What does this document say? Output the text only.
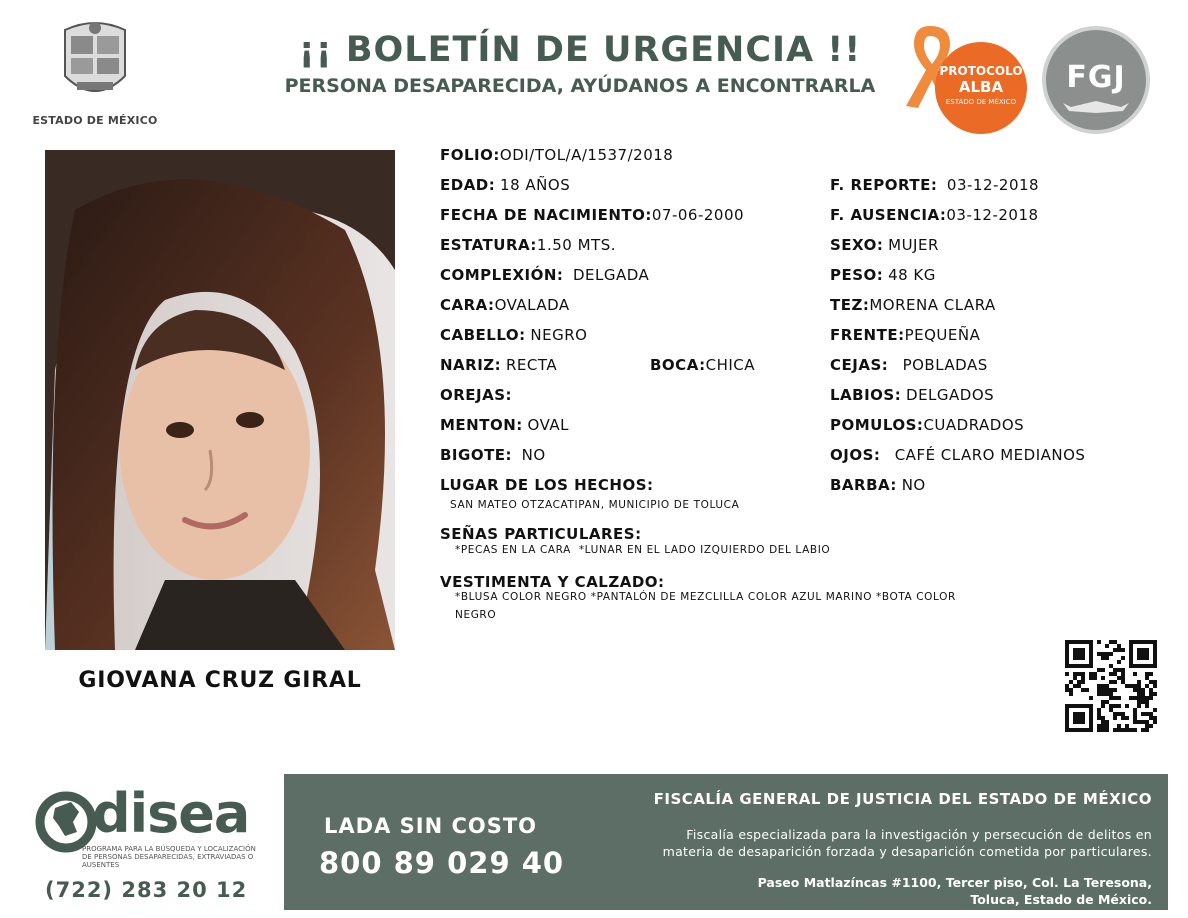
ESTADO DE MÉXICO
¡¡ BOLETÍN DE URGENCIA !!
PERSONA DESAPARECIDA, AYÚDANOS A ENCONTRARLA
PROTOCOLO
ALBA
ESTADO DE MÉXICO
FGJ
GIOVANA CRUZ GIRAL
FOLIO:ODI/TOL/A/1537/2018
EDAD: 18 AÑOS
FECHA DE NACIMIENTO:07-06-2000
ESTATURA:1.50 MTS.
COMPLEXIÓN: DELGADA
CARA:OVALADA
CABELLO: NEGRO
NARIZ: RECTA	BOCA:CHICA
OREJAS:
MENTON: OVAL
BIGOTE: NO
LUGAR DE LOS HECHOS:
SAN MATEO OTZACATIPAN, MUNICIPIO DE TOLUCA
SEÑAS PARTICULARES:
*PECAS EN LA CARA  *LUNAR EN EL LADO IZQUIERDO DEL LABIO
VESTIMENTA Y CALZADO:
*BLUSA COLOR NEGRO *PANTALÓN DE MEZCLILLA COLOR AZUL MARINO *BOTA COLOR
NEGRO
F. REPORTE: 03-12-2018
F. AUSENCIA:03-12-2018
SEXO: MUJER
PESO: 48 KG
TEZ:MORENA CLARA
FRENTE:PEQUEÑA
CEJAS: POBLADAS
LABIOS: DELGADOS
POMULOS:CUADRADOS
OJOS: CAFÉ CLARO MEDIANOS
BARBA: NO
disea
PROGRAMA PARA LA BÚSQUEDA Y LOCALIZACIÓN
DE PERSONAS DESAPARECIDAS, EXTRAVIADAS O
AUSENTES
(722) 283 20 12
LADA SIN COSTO
800 89 029 40
FISCALÍA GENERAL DE JUSTICIA DEL ESTADO DE MÉXICO
Fiscalía especializada para la investigación y persecución de delitos en
materia de desaparición forzada y desaparición cometida por particulares.
Paseo Matlazíncas #1100, Tercer piso, Col. La Teresona,
Toluca, Estado de México.
